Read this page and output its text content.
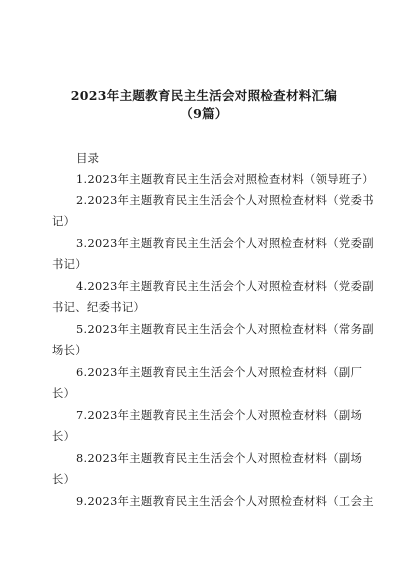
2023年主题教育民主生活会对照检查材料汇编
（9篇）
目录
1.2023年主题教育民主生活会对照检查材料（领导班子）
2.2023年主题教育民主生活会个人对照检查材料（党委书
记）
3.2023年主题教育民主生活会个人对照检查材料（党委副
书记）
4.2023年主题教育民主生活会个人对照检查材料（党委副
书记、纪委书记）
5.2023年主题教育民主生活会个人对照检查材料（常务副
场长）
6.2023年主题教育民主生活会个人对照检查材料（副厂
长）
7.2023年主题教育民主生活会个人对照检查材料（副场
长）
8.2023年主题教育民主生活会个人对照检查材料（副场
长）
9.2023年主题教育民主生活会个人对照检查材料（工会主
